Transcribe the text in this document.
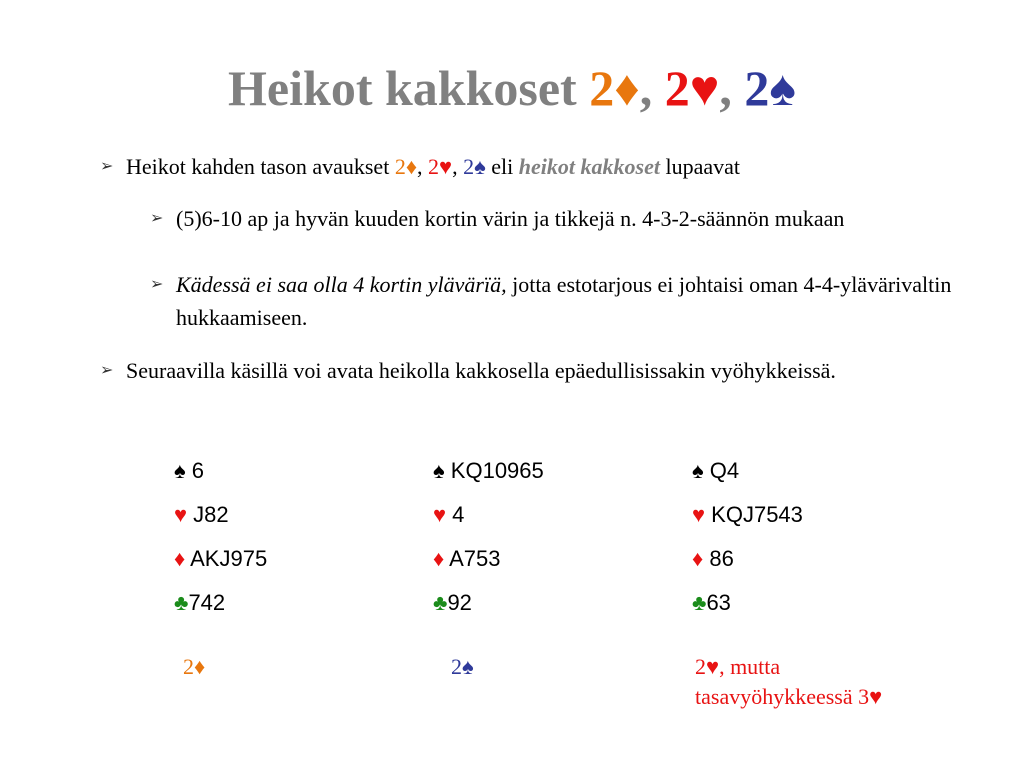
Heikot kakkoset 2♦, 2♥, 2♠
➢ Heikot kahden tason avaukset 2♦, 2♥, 2♠ eli heikot kakkoset lupaavat
➢ (5)6-10 ap ja hyvän kuuden kortin värin ja tikkejä n. 4-3-2-säännön mukaan
➢ Kädessä ei saa olla 4 kortin ylävärïä, jotta estotarjous ei johtaisi oman 4-4-ylävärivaltin hukkaamiseen.
➢ Seuraavilla käsillä voi avata heikolla kakkosella epäedullisissakin vyöhykkeissä.
♠ 6
♥ J82
♦ AKJ975
♣742
♠ KQ10965
♥ 4
♦ A753
♣92
♠ Q4
♥ KQJ7543
♦ 86
♣63
2♦	2♠	2♥, mutta
tasavyöhykkeessä 3♥
